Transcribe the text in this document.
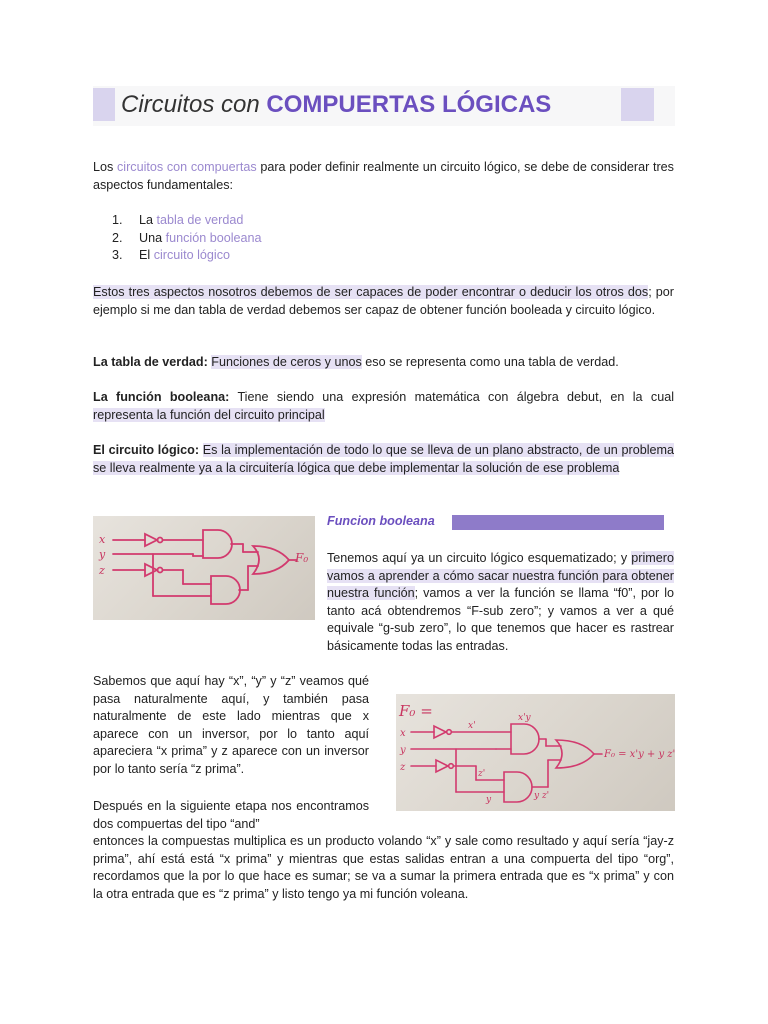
Circuitos con COMPUERTAS LÓGICAS
Los circuitos con compuertas para poder definir realmente un circuito lógico, se debe de considerar tres aspectos fundamentales:
1. La tabla de verdad
2. Una función booleana
3. El circuito lógico
Estos tres aspectos nosotros debemos de ser capaces de poder encontrar o deducir los otros dos; por ejemplo si me dan tabla de verdad debemos ser capaz de obtener función booleada y circuito lógico.
La tabla de verdad: Funciones de ceros y unos eso se representa como una tabla de verdad.
La función booleana: Tiene siendo una expresión matemática con álgebra debut, en la cual representa la función del circuito principal
El circuito lógico: Es la implementación de todo lo que se lleva de un plano abstracto, de un problema se lleva realmente ya a la circuitería lógica que debe implementar la solución de ese problema
x
y
z
F₀
Funcion booleana
Tenemos aquí ya un circuito lógico esquematizado; y primero vamos a aprender a cómo sacar nuestra función para obtener nuestra función; vamos a ver la función se llama “f0”, por lo tanto acá obtendremos “F-sub zero”; y vamos a ver a qué equivale “g-sub zero”, lo que tenemos que hacer es rastrear básicamente todas las entradas.
Sabemos que aquí hay “x”, “y” y “z” veamos qué pasa naturalmente aquí, y también pasa naturalmente de este lado mientras que x aparece con un inversor, por lo tanto aquí apareciera “x prima” y z aparece con un inversor por lo tanto sería “z prima”.
F₀ =
x
y
z
x'
x'y
z'
y	y z'
F₀ = x'y + y z'
Después en la siguiente etapa nos encontramos dos compuertas del tipo “and”
entonces la compuestas multiplica es un producto volando “x” y sale como resultado y aquí sería “jay-z prima”, ahí está está “x prima” y mientras que estas salidas entran a una compuerta del tipo “org”, recordamos que la por lo que hace es sumar; se va a sumar la primera entrada que es “x prima” y con la otra entrada que es “z prima” y listo tengo ya mi función voleana.
